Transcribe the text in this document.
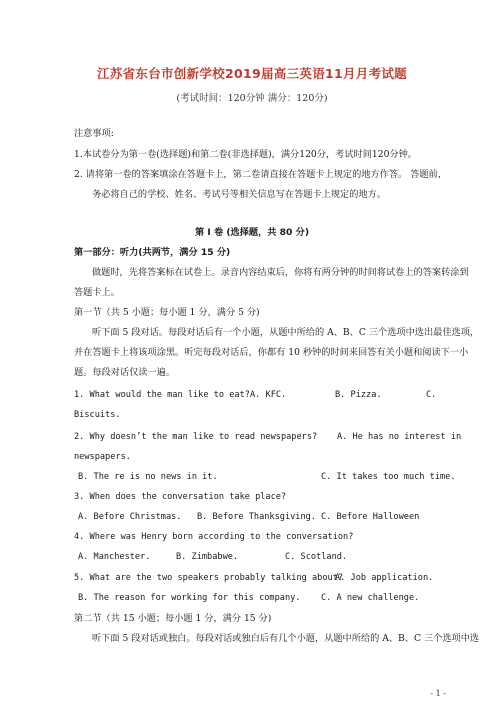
江苏省东台市创新学校2019届高三英语11月月考试题
(考试时间：120分钟 满分：120分)
注意事项:
1.本试卷分为第一卷(选择题)和第二卷(非选择题)，满分120分，考试时间120分钟。
2. 请将第一卷的答案填涂在答题卡上，第二卷请直接在答题卡上规定的地方作答。 答题前，
务必将自己的学校、姓名、考试号等相关信息写在答题卡上规定的地方。
第 I 卷 (选择题，共 80 分)
第一部分：听力(共两节，满分 15 分)
做题时，先将答案标在试卷上。录音内容结束后，你将有两分钟的时间将试卷上的答案转涂到
答题卡上。
第一节（共 5 小题；每小题 1 分，满分 5 分)
听下面 5 段对话。每段对话后有一个小题，从题中所给的 A、B、C 三个选项中选出最佳选项，
并在答题卡上将该项涂黑。听完每段对话后，你都有 10 秒钟的时间来回答有关小题和阅读下一小
题。每段对话仅读一遍。
1. What would the man like to eat? A. KFC.	B. Pizza.	C.
Biscuits.
2. Why doesn’t the man like to read newspapers? A. He has no interest in
newspapers.
B. The re is no news in it.	C. It takes too much time.
3. When does the conversation take place?
A. Before Christmas. B. Before Thanksgiving. C. Before Halloween
4. Where was Henry born according to the conversation?
A. Manchester.	B. Zimbabwe.	C. Scotland.
5. What are the two speakers probably talking about?
A. Job application.
B. The reason for working for this company. C. A new challenge.
第二节（共 15 小题；每小题 1 分，满分 15 分)
听下面 5 段对话或独白。每段对话或独白后有几个小题，从题中所给的 A、B、C 三个选项中选
- 1 -
